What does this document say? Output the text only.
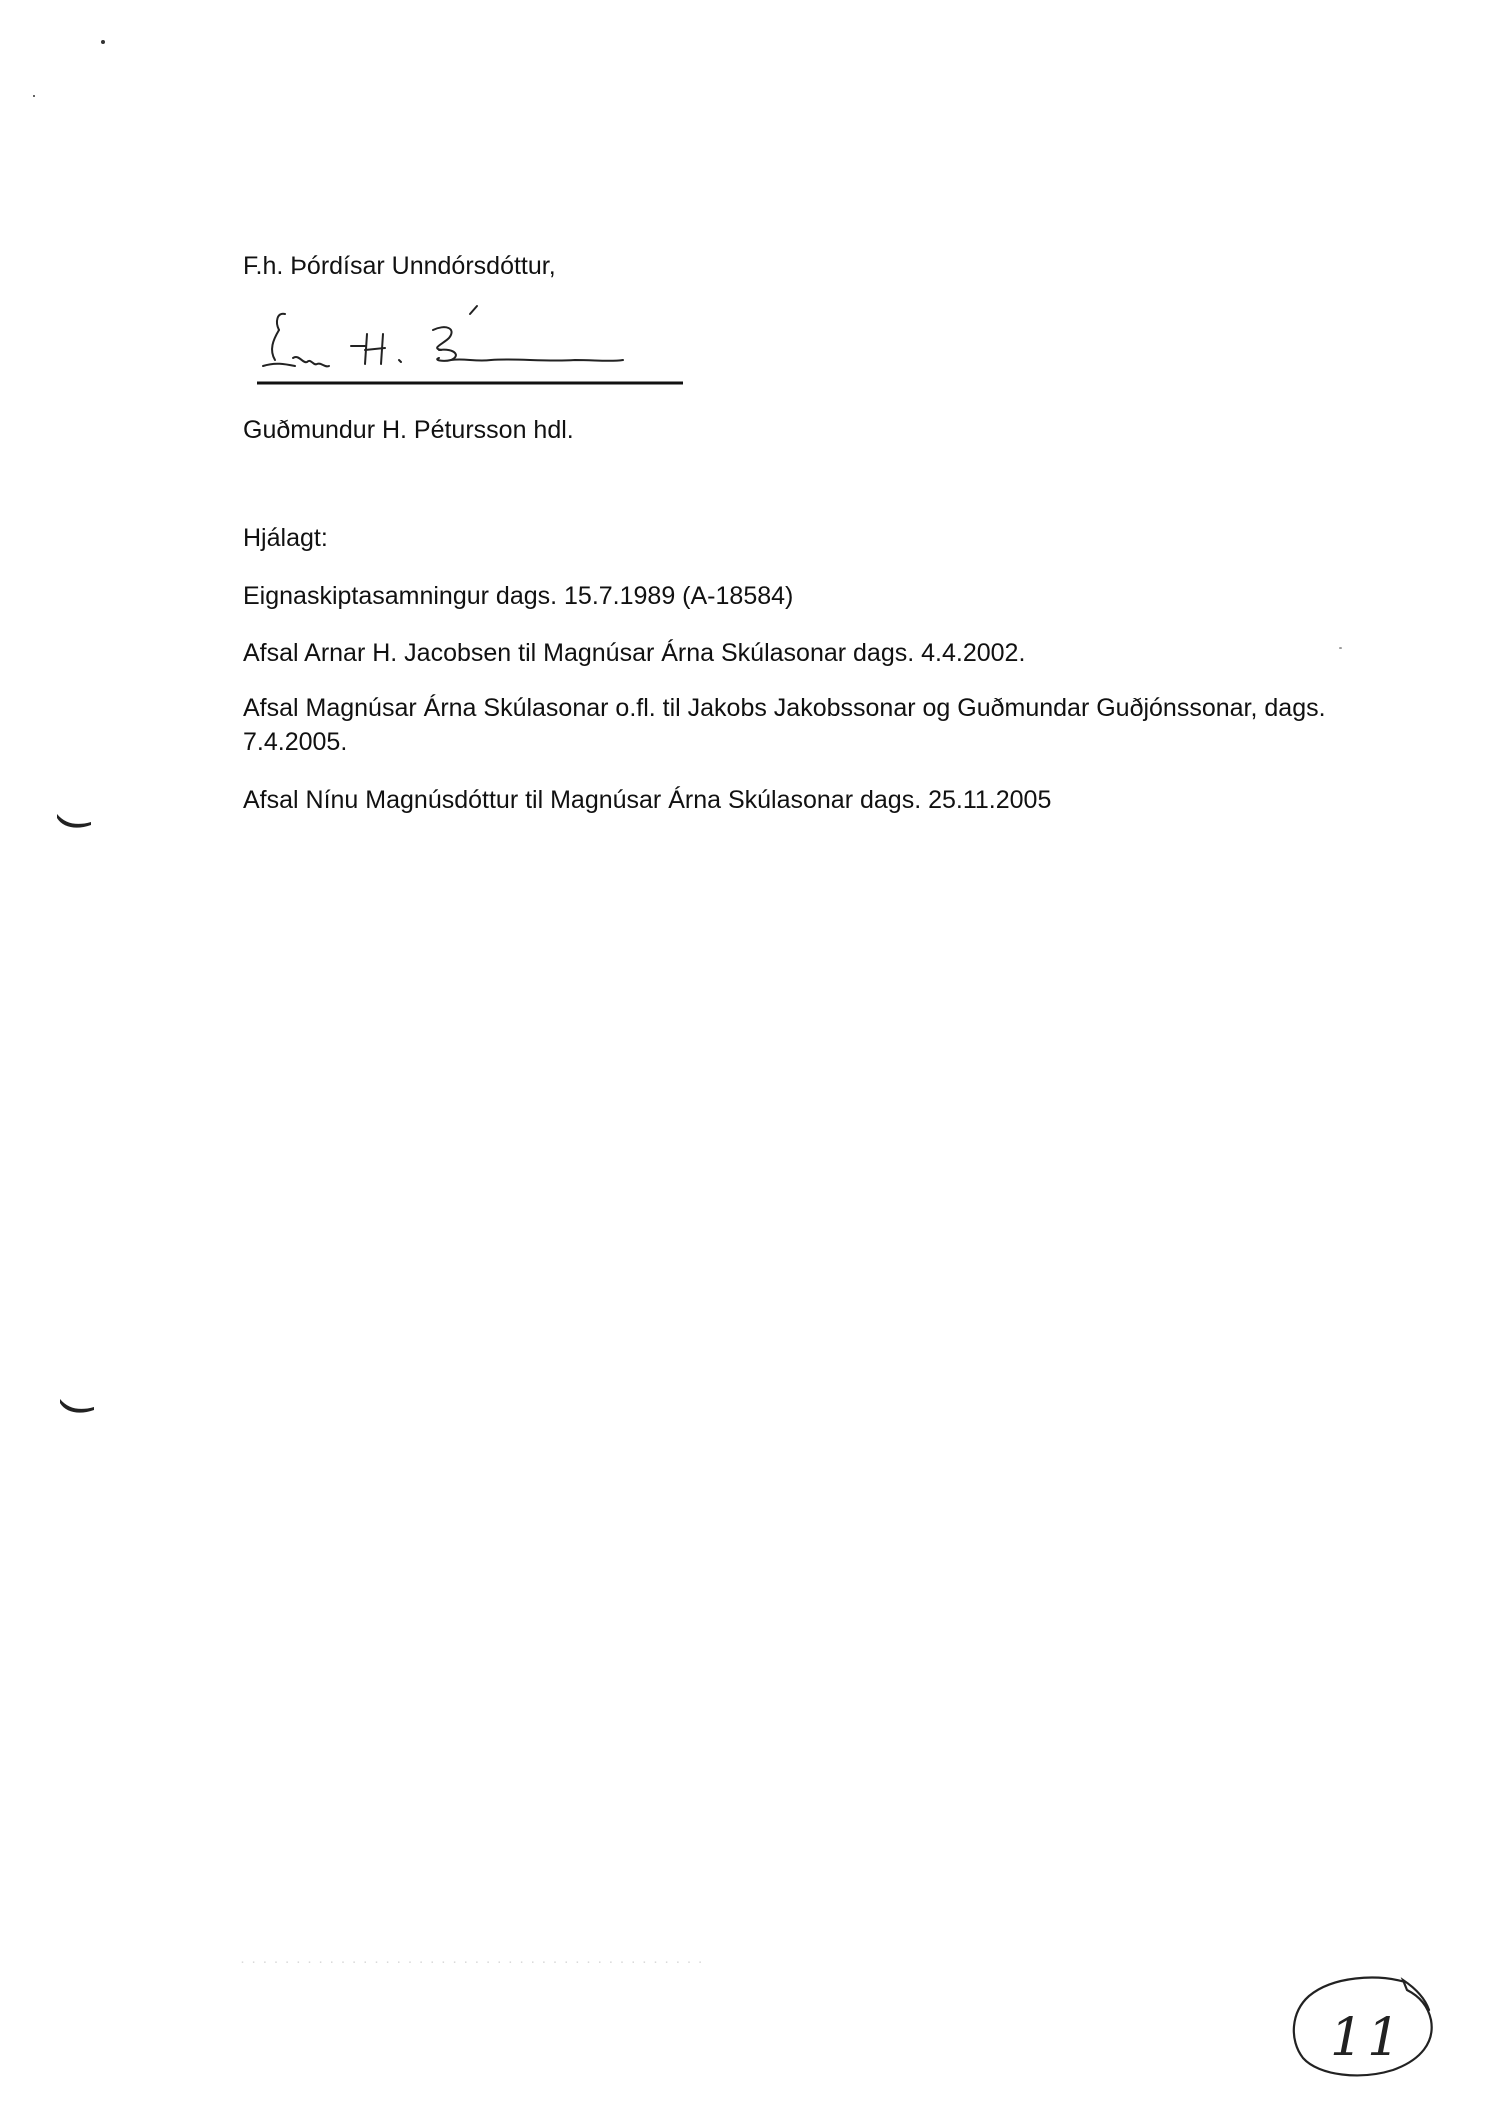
F.h. Þórdísar Unndórsdóttur,
Guðmundur H. Pétursson hdl.
Hjálagt:
Eignaskiptasamningur dags. 15.7.1989 (A-18584)
Afsal Arnar H. Jacobsen til Magnúsar Árna Skúlasonar dags. 4.4.2002.
Afsal Magnúsar Árna Skúlasonar o.fl. til Jakobs Jakobssonar og Guðmundar Guðjónssonar, dags. 7.4.2005.
Afsal Nínu Magnúsdóttur til Magnúsar Árna Skúlasonar dags. 25.11.2005
· · · · · · · · · · · · · · · · · · · · · · · · · · · · · · · · · · · · · · · · · ·
11
